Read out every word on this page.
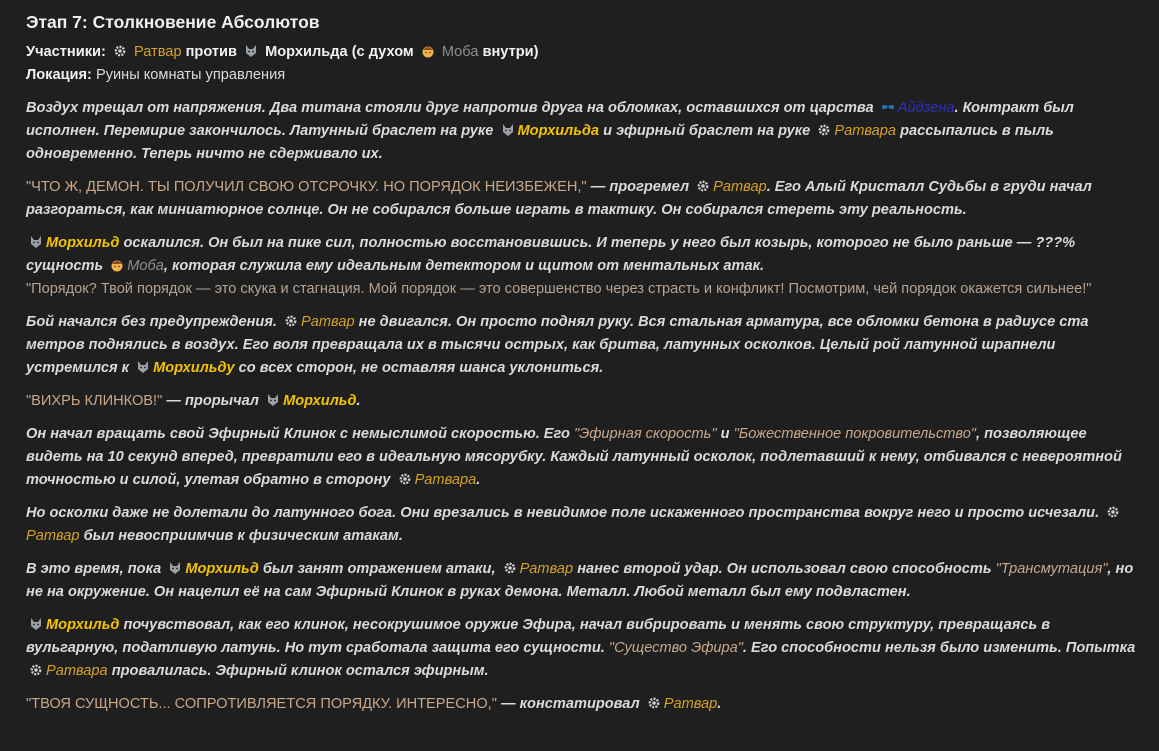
Этап 7: Столкновение Абсолютов
Участники: Ратвар против Морхильда (с духом Моба внутри)
Локация: Руины комнаты управления
Воздух трещал от напряжения. Два титана стояли друг напротив друга на обломках, оставшихся от царства Айдзена. Контракт был исполнен. Перемирие закончилось. Латунный браслет на руке Морхильда и эфирный браслет на руке Ратвара рассыпались в пыль одновременно. Теперь ничто не сдерживало их.
"ЧТО Ж, ДЕМОН. ТЫ ПОЛУЧИЛ СВОЮ ОТСРОЧКУ. НО ПОРЯДОК НЕИЗБЕЖЕН," — прогремел Ратвар. Его Алый Кристалл Судьбы в груди начал разгораться, как миниатюрное солнце. Он не собирался больше играть в тактику. Он собирался стереть эту реальность.
Морхильд оскалился. Он был на пике сил, полностью восстановившись. И теперь у него был козырь, которого не было раньше — ???% сущность Моба, которая служила ему идеальным детектором и щитом от ментальных атак.
"Порядок? Твой порядок — это скука и стагнация. Мой порядок — это совершенство через страсть и конфликт! Посмотрим, чей порядок окажется сильнее!"
Бой начался без предупреждения. Ратвар не двигался. Он просто поднял руку. Вся стальная арматура, все обломки бетона в радиусе ста метров поднялись в воздух. Его воля превращала их в тысячи острых, как бритва, латунных осколков. Целый рой латунной шрапнели устремился к Морхильду со всех сторон, не оставляя шанса уклониться.
"ВИХРЬ КЛИНКОВ!" — прорычал Морхильд.
Он начал вращать свой Эфирный Клинок с немыслимой скоростью. Его "Эфирная скорость" и "Божественное покровительство", позволяющее видеть на 10 секунд вперед, превратили его в идеальную мясорубку. Каждый латунный осколок, подлетавший к нему, отбивался с невероятной точностью и силой, улетая обратно в сторону Ратвара.
Но осколки даже не долетали до латунного бога. Они врезались в невидимое поле искаженного пространства вокруг него и просто исчезали.
Ратвар был невосприимчив к физическим атакам.
В это время, пока Морхильд был занят отражением атаки, Ратвар нанес второй удар. Он использовал свою способность "Трансмутация", но не на окружение. Он нацелил её на сам Эфирный Клинок в руках демона. Металл. Любой металл был ему подвластен.
Морхильд почувствовал, как его клинок, несокрушимое оружие Эфира, начал вибрировать и менять свою структуру, превращаясь в вульгарную, податливую латунь. Но тут сработала защита его сущности. "Существо Эфира". Его способности нельзя было изменить. Попытка
Ратвара провалилась. Эфирный клинок остался эфирным.
"ТВОЯ СУЩНОСТЬ... СОПРОТИВЛЯЕТСЯ ПОРЯДКУ. ИНТЕРЕСНО," — констатировал Ратвар.
